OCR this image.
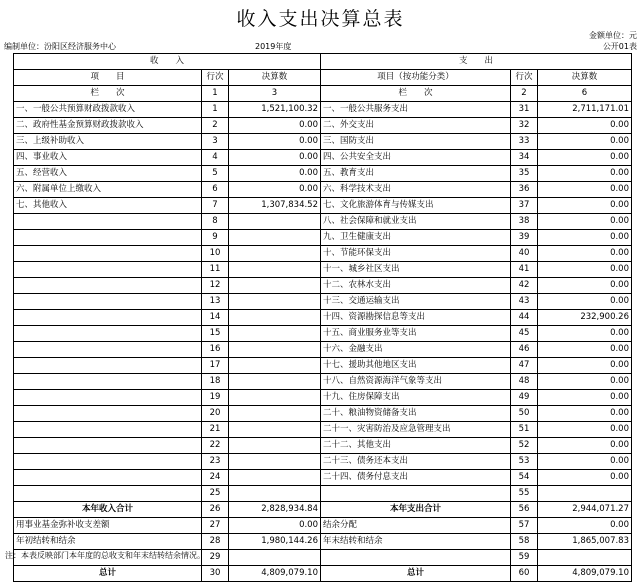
收入支出决算总表
金额单位：元
公开01表
编制单位：汾阳区经济服务中心	2019年度
收　　入			支　　出		
项　　目	行次	决算数	项目（按功能分类）	行次	决算数
栏　　次	1	3	栏　　次	2	6
一、一般公共预算财政拨款收入	1	1,521,100.32	一、一般公共服务支出	31	2,711,171.01
二、政府性基金预算财政拨款收入	2	0.00	二、外交支出	32	0.00
三、上级补助收入	3	0.00	三、国防支出	33	0.00
四、事业收入	4	0.00	四、公共安全支出	34	0.00
五、经营收入	5	0.00	五、教育支出	35	0.00
六、附属单位上缴收入	6	0.00	六、科学技术支出	36	0.00
七、其他收入	7	1,307,834.52	七、文化旅游体育与传媒支出	37	0.00
	8		八、社会保障和就业支出	38	0.00
	9		九、卫生健康支出	39	0.00
	10		十、节能环保支出	40	0.00
	11		十一、城乡社区支出	41	0.00
	12		十二、农林水支出	42	0.00
	13		十三、交通运输支出	43	0.00
	14		十四、资源勘探信息等支出	44	232,900.26
	15		十五、商业服务业等支出	45	0.00
	16		十六、金融支出	46	0.00
	17		十七、援助其他地区支出	47	0.00
	18		十八、自然资源海洋气象等支出	48	0.00
	19		十九、住房保障支出	49	0.00
	20		二十、粮油物资储备支出	50	0.00
	21		二十一、灾害防治及应急管理支出	51	0.00
	22		二十二、其他支出	52	0.00
	23		二十三、债务还本支出	53	0.00
	24		二十四、债务付息支出	54	0.00
	25			55	
本年收入合计	26	2,828,934.84	本年支出合计	56	2,944,071.27
用事业基金弥补收支差额	27	0.00	结余分配	57	0.00
年初结转和结余	28	1,980,144.26	年末结转和结余	58	1,865,007.83
	29			59	
总计	30	4,809,079.10	总计	60	4,809,079.10
注：本表反映部门本年度的总收支和年末结转结余情况。
